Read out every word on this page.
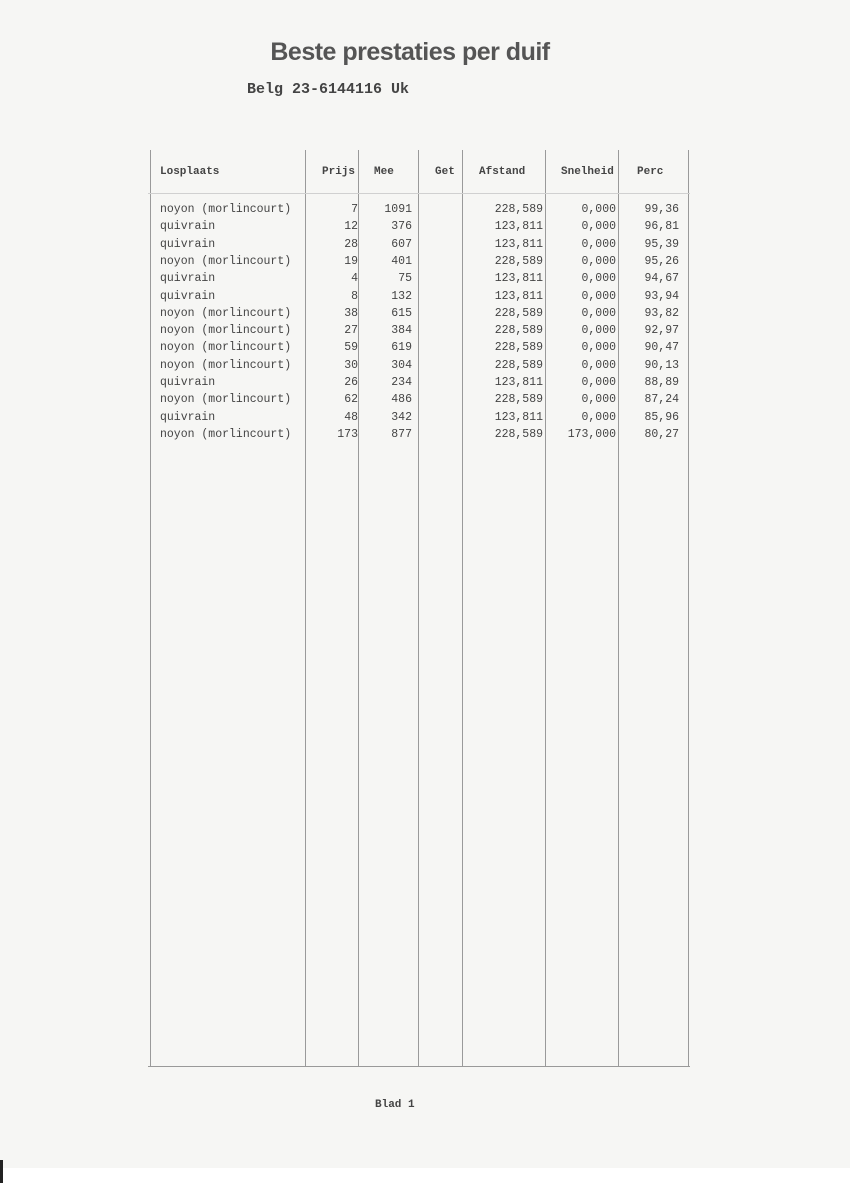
Beste prestaties per duif
Belg 23-6144116 Uk
Losplaats	Prijs Mee	Get Afstand	Snelheid Perc
noyon (morlincourt)	7	1091	228,589	0,000	99,36
quivrain	12	376	123,811	0,000	96,81
quivrain	28	607	123,811	0,000	95,39
noyon (morlincourt)	19	401	228,589	0,000	95,26
quivrain	4	75	123,811	0,000	94,67
quivrain	8	132	123,811	0,000	93,94
noyon (morlincourt)	38	615	228,589	0,000	93,82
noyon (morlincourt)	27	384	228,589	0,000	92,97
noyon (morlincourt)	59	619	228,589	0,000	90,47
noyon (morlincourt)	30	304	228,589	0,000	90,13
quivrain	26	234	123,811	0,000	88,89
noyon (morlincourt)	62	486	228,589	0,000	87,24
quivrain	48	342	123,811	0,000	85,96
noyon (morlincourt)	173	877	228,589	173,000	80,27
Blad 1
